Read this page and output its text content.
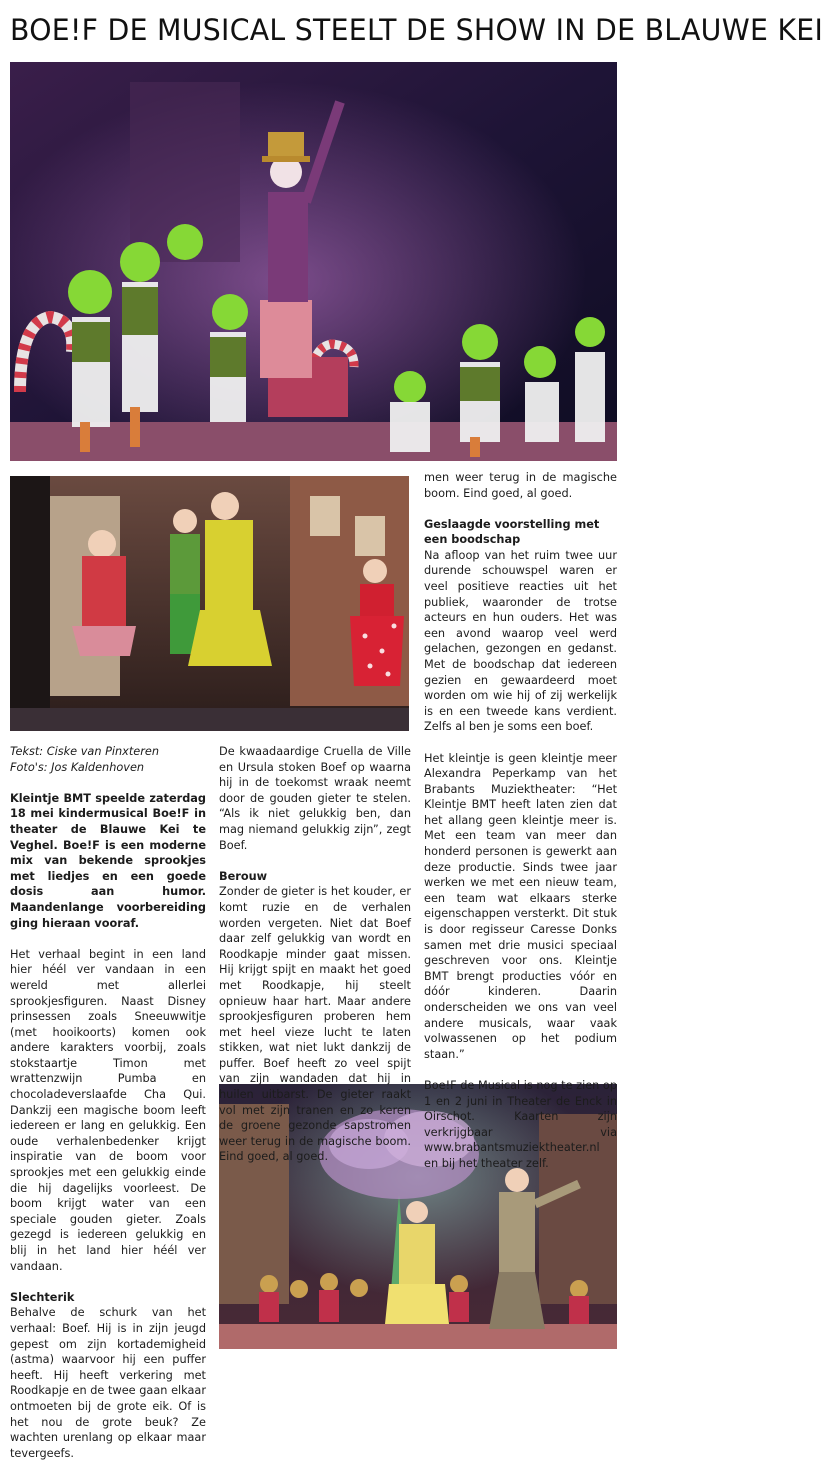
BOE!F DE MUSICAL STEELT DE SHOW IN DE BLAUWE KEI
Tekst: Ciske van Pinxteren
Foto's: Jos Kaldenhoven

Kleintje BMT speelde zaterdag 18 mei kindermusical Boe!F in theater de Blauwe Kei te Veghel. Boe!F is een moderne mix van bekende sprookjes met liedjes en een goede dosis aan humor. Maandenlange voorbereiding ging hieraan vooraf.

Het verhaal begint in een land hier héél ver vandaan in een wereld met allerlei sprookjesfiguren. Naast Disney prinsessen zoals Sneeuwwitje (met hooikoorts) komen ook andere karakters voorbij, zoals stokstaartje Timon met wrattenzwijn Pumba en chocoladeverslaafde Cha Qui. Dankzij een magische boom leeft iedereen er lang en gelukkig. Een oude verhalenbedenker krijgt inspiratie van de boom voor sprookjes met een gelukkig einde die hij dagelijks voorleest. De boom krijgt water van een speciale gouden gieter. Zoals gezegd is iedereen gelukkig en blij in het land hier héél ver vandaan.

Slechterik

Behalve de schurk van het verhaal: Boef. Hij is in zijn jeugd gepest om zijn kortademigheid (astma) waarvoor hij een puffer heeft. Hij heeft verkering met Roodkapje en de twee gaan elkaar ontmoeten bij de grote eik. Of is het nou de grote beuk? Ze wachten urenlang op elkaar maar tevergeefs.

De kwaadaardige Cruella de Ville en Ursula stoken Boef op waarna hij in de toekomst wraak neemt door de gouden gieter te stelen. “Als ik niet gelukkig ben, dan mag niemand gelukkig zijn”, zegt Boef.

Berouw

Zonder de gieter is het kouder, er komt ruzie en de verhalen worden vergeten. Niet dat Boef daar zelf gelukkig van wordt en Roodkapje minder gaat missen. Hij krijgt spijt en maakt het goed met Roodkapje, hij steelt opnieuw haar hart. Maar andere sprookjesfiguren proberen hem met heel vieze lucht te laten stikken, wat niet lukt dankzij de puffer. Boef heeft zo veel spijt van zijn wandaden dat hij in huilen uitbarst. De gieter raakt vol met zijn tranen en zo keren de groene gezonde sapstromen weer terug in de magische boom. Eind goed, al goed.

men weer terug in de magische boom. Eind goed, al goed.

Geslaagde voorstelling met een boodschap

Na afloop van het ruim twee uur durende schouwspel waren er veel positieve reacties uit het publiek, waaronder de trotse acteurs en hun ouders. Het was een avond waarop veel werd gelachen, gezongen en gedanst. Met de boodschap dat iedereen gezien en gewaardeerd moet worden om wie hij of zij werkelijk is en een tweede kans verdient. Zelfs al ben je soms een boef.

Het kleintje is geen kleintje meer Alexandra Peperkamp van het Brabants Muziektheater: “Het Kleintje BMT heeft laten zien dat het allang geen kleintje meer is. Met een team van meer dan honderd personen is gewerkt aan deze productie. Sinds twee jaar werken we met een nieuw team, een team wat elkaars sterke eigenschappen versterkt. Dit stuk is door regisseur Caresse Donks samen met drie musici speciaal geschreven voor ons. Kleintje BMT brengt producties vóór en dóór kinderen. Daarin onderscheiden we ons van veel andere musicals, waar vaak volwassenen op het podium staan.”

Boe!F de Musical is nog te zien op 1 en 2 juni in Theater de Enck in Oirschot. Kaarten zijn verkrijgbaar via www.brabantsmuziektheater.nl en bij het theater zelf.
